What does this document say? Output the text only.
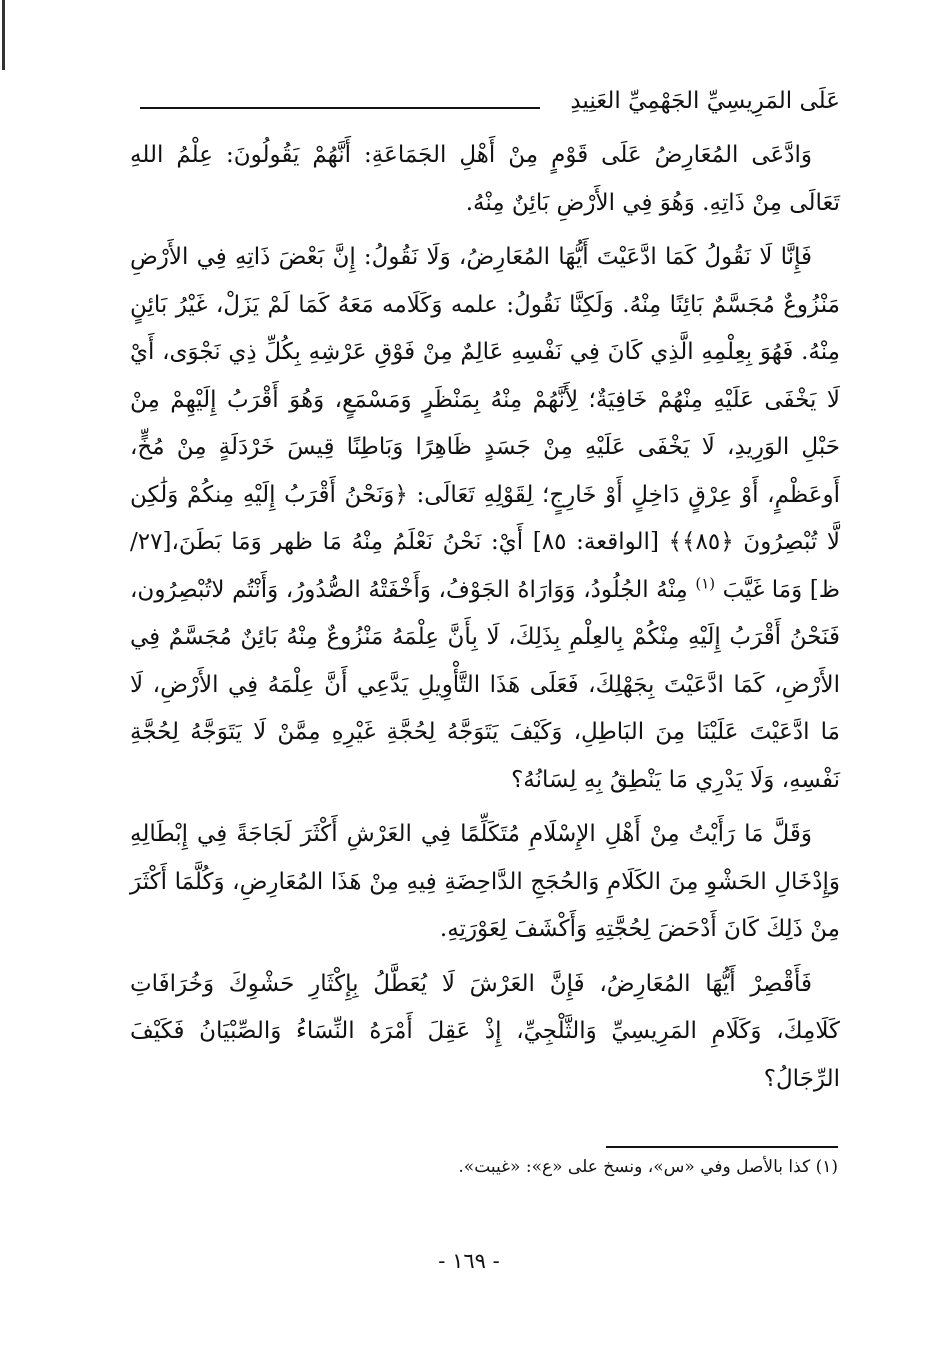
عَلَى المَرِيسِيِّ الجَهْمِيِّ العَنِيدِ

وَادَّعَى المُعَارِضُ عَلَى قَوْمٍ مِنْ أَهْلِ الجَمَاعَةِ: أَنَّهُمْ يَقُولُونَ: عِلْمُ اللهِ تَعَالَى مِنْ ذَاتِهِ. وَهُوَ فِي الأَرْضِ بَائِنٌ مِنْهُ.

فَإِنَّا لَا نَقُولُ كَمَا ادَّعَيْتَ أَيُّهَا المُعَارِضُ، وَلَا نَقُولُ: إِنَّ بَعْضَ ذَاتِهِ فِي الأَرْضِ مَنْزُوعٌ مُجَسَّمٌ بَائِنًا مِنْهُ. وَلَكِنَّا نَقُولُ: علمه وَكَلَامه مَعَهُ كَمَا لَمْ يَزَلْ، غَيْرُ بَائِنٍ مِنْهُ. فَهُوَ بِعِلْمِهِ الَّذِي كَانَ فِي نَفْسِهِ عَالِمٌ مِنْ فَوْقِ عَرْشِهِ بِكُلِّ ذِي نَجْوَى، أَيْ لَا يَخْفَى عَلَيْهِ مِنْهُمْ خَافِيَةٌ؛ لِأَنَّهُمْ مِنْهُ بِمَنْظَرٍ وَمَسْمَعٍ، وَهُوَ أَقْرَبُ إِلَيْهِمْ مِنْ حَبْلِ الوَرِيدِ، لَا يَخْفَى عَلَيْهِ مِنْ جَسَدٍ ظَاهِرًا وَبَاطِنًا قِيسَ خَرْدَلَةٍ مِنْ مُخٍّ، أَوعَظْمٍ، أَوْ عِرْقٍ دَاخِلٍ أَوْ خَارِجٍ؛ لِقَوْلِهِ تَعَالَى: ﴿وَنَحْنُ أَقْرَبُ إِلَيْهِ مِنكُمْ وَلَٰكِن لَّا تُبْصِرُونَ ﴿٨٥﴾﴾ [الواقعة: ٨٥] أَيْ: نَحْنُ نَعْلَمُ مِنْهُ مَا ظهر وَمَا بَطَنَ،[٢٧/ظ] وَمَا غَيَّبَ $^{(١)}$ مِنْهُ الجُلُودُ، وَوَارَاهُ الجَوْفُ، وَأَخْفَتْهُ الصُّدُورُ، وَأَنْتُم لاتُبْصِرُون، فَنَحْنُ أَقْرَبُ إِلَيْهِ مِنْكُمْ بِالعِلْمِ بِذَلِكَ، لَا بِأَنَّ عِلْمَهُ مَنْزُوعٌ مِنْهُ بَائِنٌ مُجَسَّمٌ فِي الأَرْضِ، كَمَا ادَّعَيْتَ بِجَهْلِكَ، فَعَلَى هَذَا التَّأْوِيلِ يَدَّعِي أَنَّ عِلْمَهُ فِي الأَرْضِ، لَا مَا ادَّعَيْتَ عَلَيْنَا مِنَ البَاطِلِ، وَكَيْفَ يَتَوَجَّهُ لِحُجَّةِ غَيْرِهِ مِمَّنْ لَا يَتَوَجَّهُ لِحُجَّةِ نَفْسِهِ، وَلَا يَدْرِي مَا يَنْطِقُ بِهِ لِسَانُهُ؟

وَقَلَّ مَا رَأَيْتُ مِنْ أَهْلِ الإِسْلَامِ مُتَكَلِّمًا فِي العَرْشِ أَكْثَرَ لَجَاجَةً فِي إِبْطَالِهِ وَإِدْخَالِ الحَشْوِ مِنَ الكَلَامِ وَالحُجَجِ الدَّاحِضَةِ فِيهِ مِنْ هَذَا المُعَارِضِ، وَكُلَّمَا أَكْثَرَ مِنْ ذَلِكَ كَانَ أَدْحَضَ لِحُجَّتِهِ وَأَكْشَفَ لِعَوْرَتِهِ.

فَأَقْصِرْ أَيُّهَا المُعَارِضُ، فَإِنَّ العَرْشَ لَا يُعَطَّلُ بِإِكْثَارِ حَشْوِكَ وَخُرَافَاتِ كَلَامِكَ، وَكَلَامِ المَرِيسِيِّ وَالثَّلْجِيِّ، إِذْ عَقِلَ أَمْرَهُ النِّسَاءُ وَالصِّبْيَانُ فَكَيْفَ الرِّجَالُ؟

(١) كذا بالأصل وفي «س»، ونسخ على «ع»: «غيبت».
- ١٦٩ -
